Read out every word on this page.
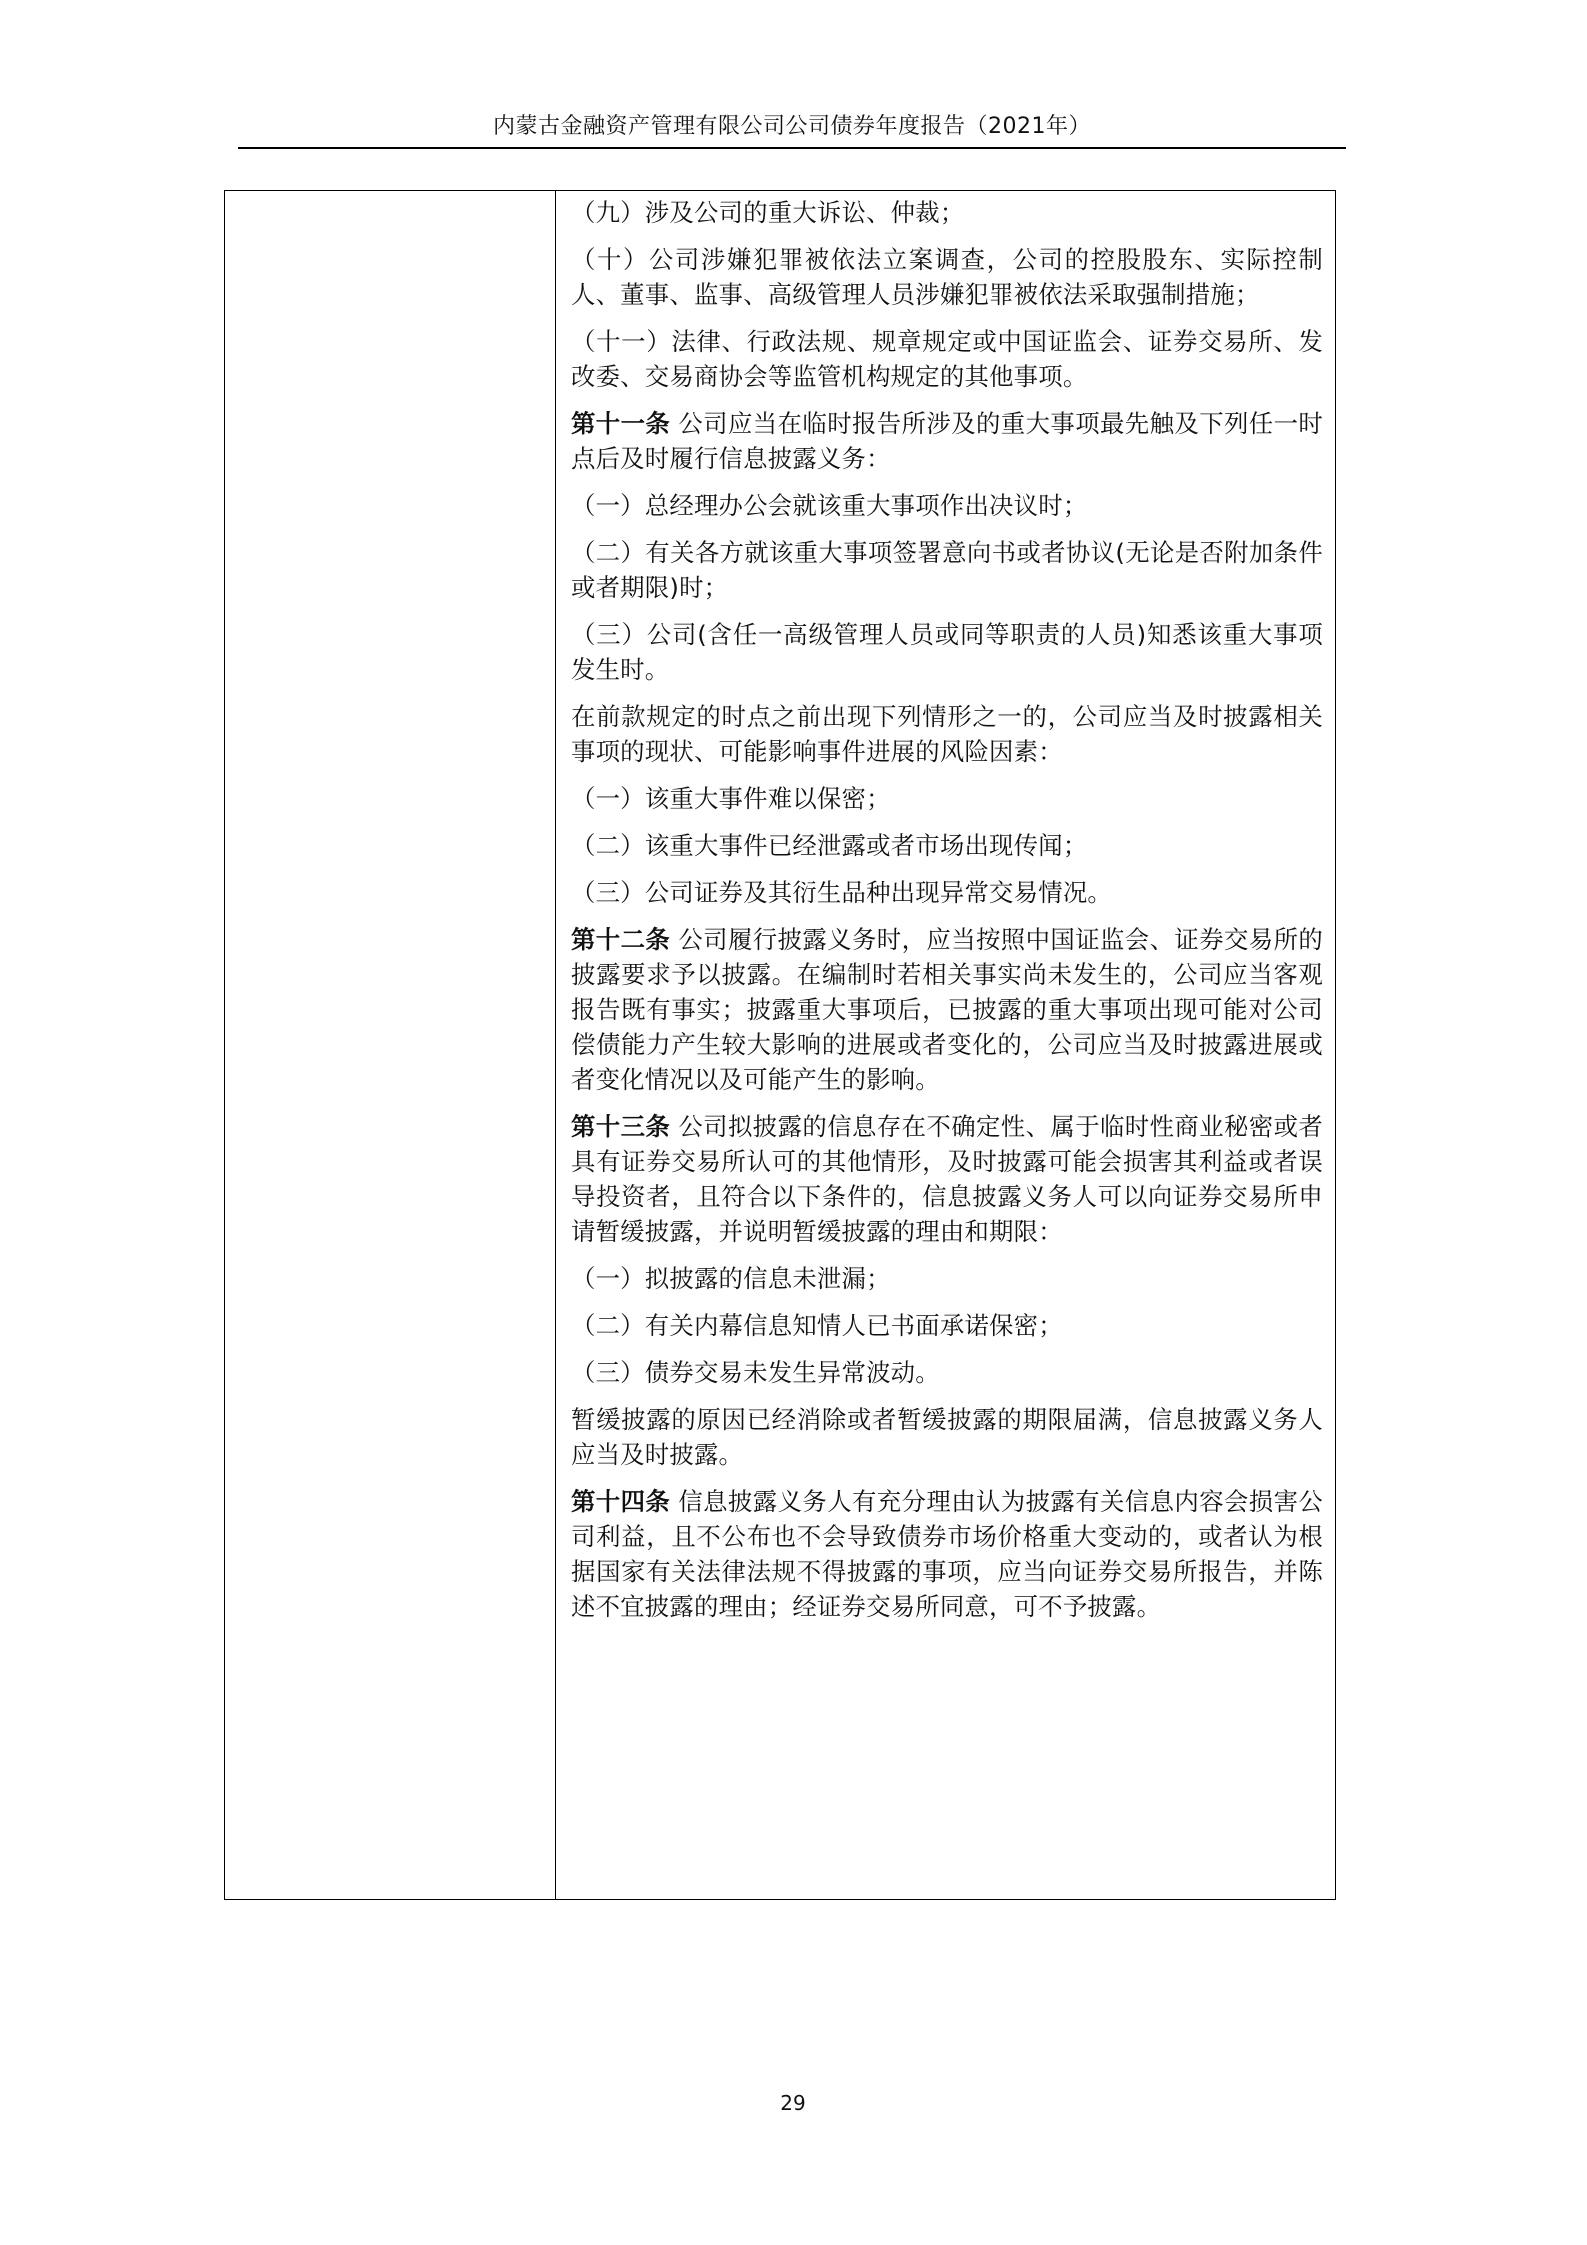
内蒙古金融资产管理有限公司公司债券年度报告（2021年）

（九）涉及公司的重大诉讼、仲裁；

（十）公司涉嫌犯罪被依法立案调查，公司的控股股东、实际控制人、董事、监事、高级管理人员涉嫌犯罪被依法采取强制措施；

（十一）法律、行政法规、规章规定或中国证监会、证券交易所、发改委、交易商协会等监管机构规定的其他事项。

第十一条 公司应当在临时报告所涉及的重大事项最先触及下列任一时点后及时履行信息披露义务：

（一）总经理办公会就该重大事项作出决议时；

（二）有关各方就该重大事项签署意向书或者协议(无论是否附加条件或者期限)时；

（三）公司(含任一高级管理人员或同等职责的人员)知悉该重大事项发生时。

在前款规定的时点之前出现下列情形之一的，公司应当及时披露相关事项的现状、可能影响事件进展的风险因素：

（一）该重大事件难以保密；

（二）该重大事件已经泄露或者市场出现传闻；

（三）公司证券及其衍生品种出现异常交易情况。

第十二条 公司履行披露义务时，应当按照中国证监会、证券交易所的披露要求予以披露。在编制时若相关事实尚未发生的，公司应当客观报告既有事实；披露重大事项后，已披露的重大事项出现可能对公司偿债能力产生较大影响的进展或者变化的，公司应当及时披露进展或者变化情况以及可能产生的影响。

第十三条 公司拟披露的信息存在不确定性、属于临时性商业秘密或者具有证券交易所认可的其他情形，及时披露可能会损害其利益或者误导投资者，且符合以下条件的，信息披露义务人可以向证券交易所申请暂缓披露，并说明暂缓披露的理由和期限：

（一）拟披露的信息未泄漏；

（二）有关内幕信息知情人已书面承诺保密；

（三）债券交易未发生异常波动。

暂缓披露的原因已经消除或者暂缓披露的期限届满，信息披露义务人应当及时披露。

第十四条 信息披露义务人有充分理由认为披露有关信息内容会损害公司利益，且不公布也不会导致债券市场价格重大变动的，或者认为根据国家有关法律法规不得披露的事项，应当向证券交易所报告，并陈述不宜披露的理由；经证券交易所同意，可不予披露。

29
